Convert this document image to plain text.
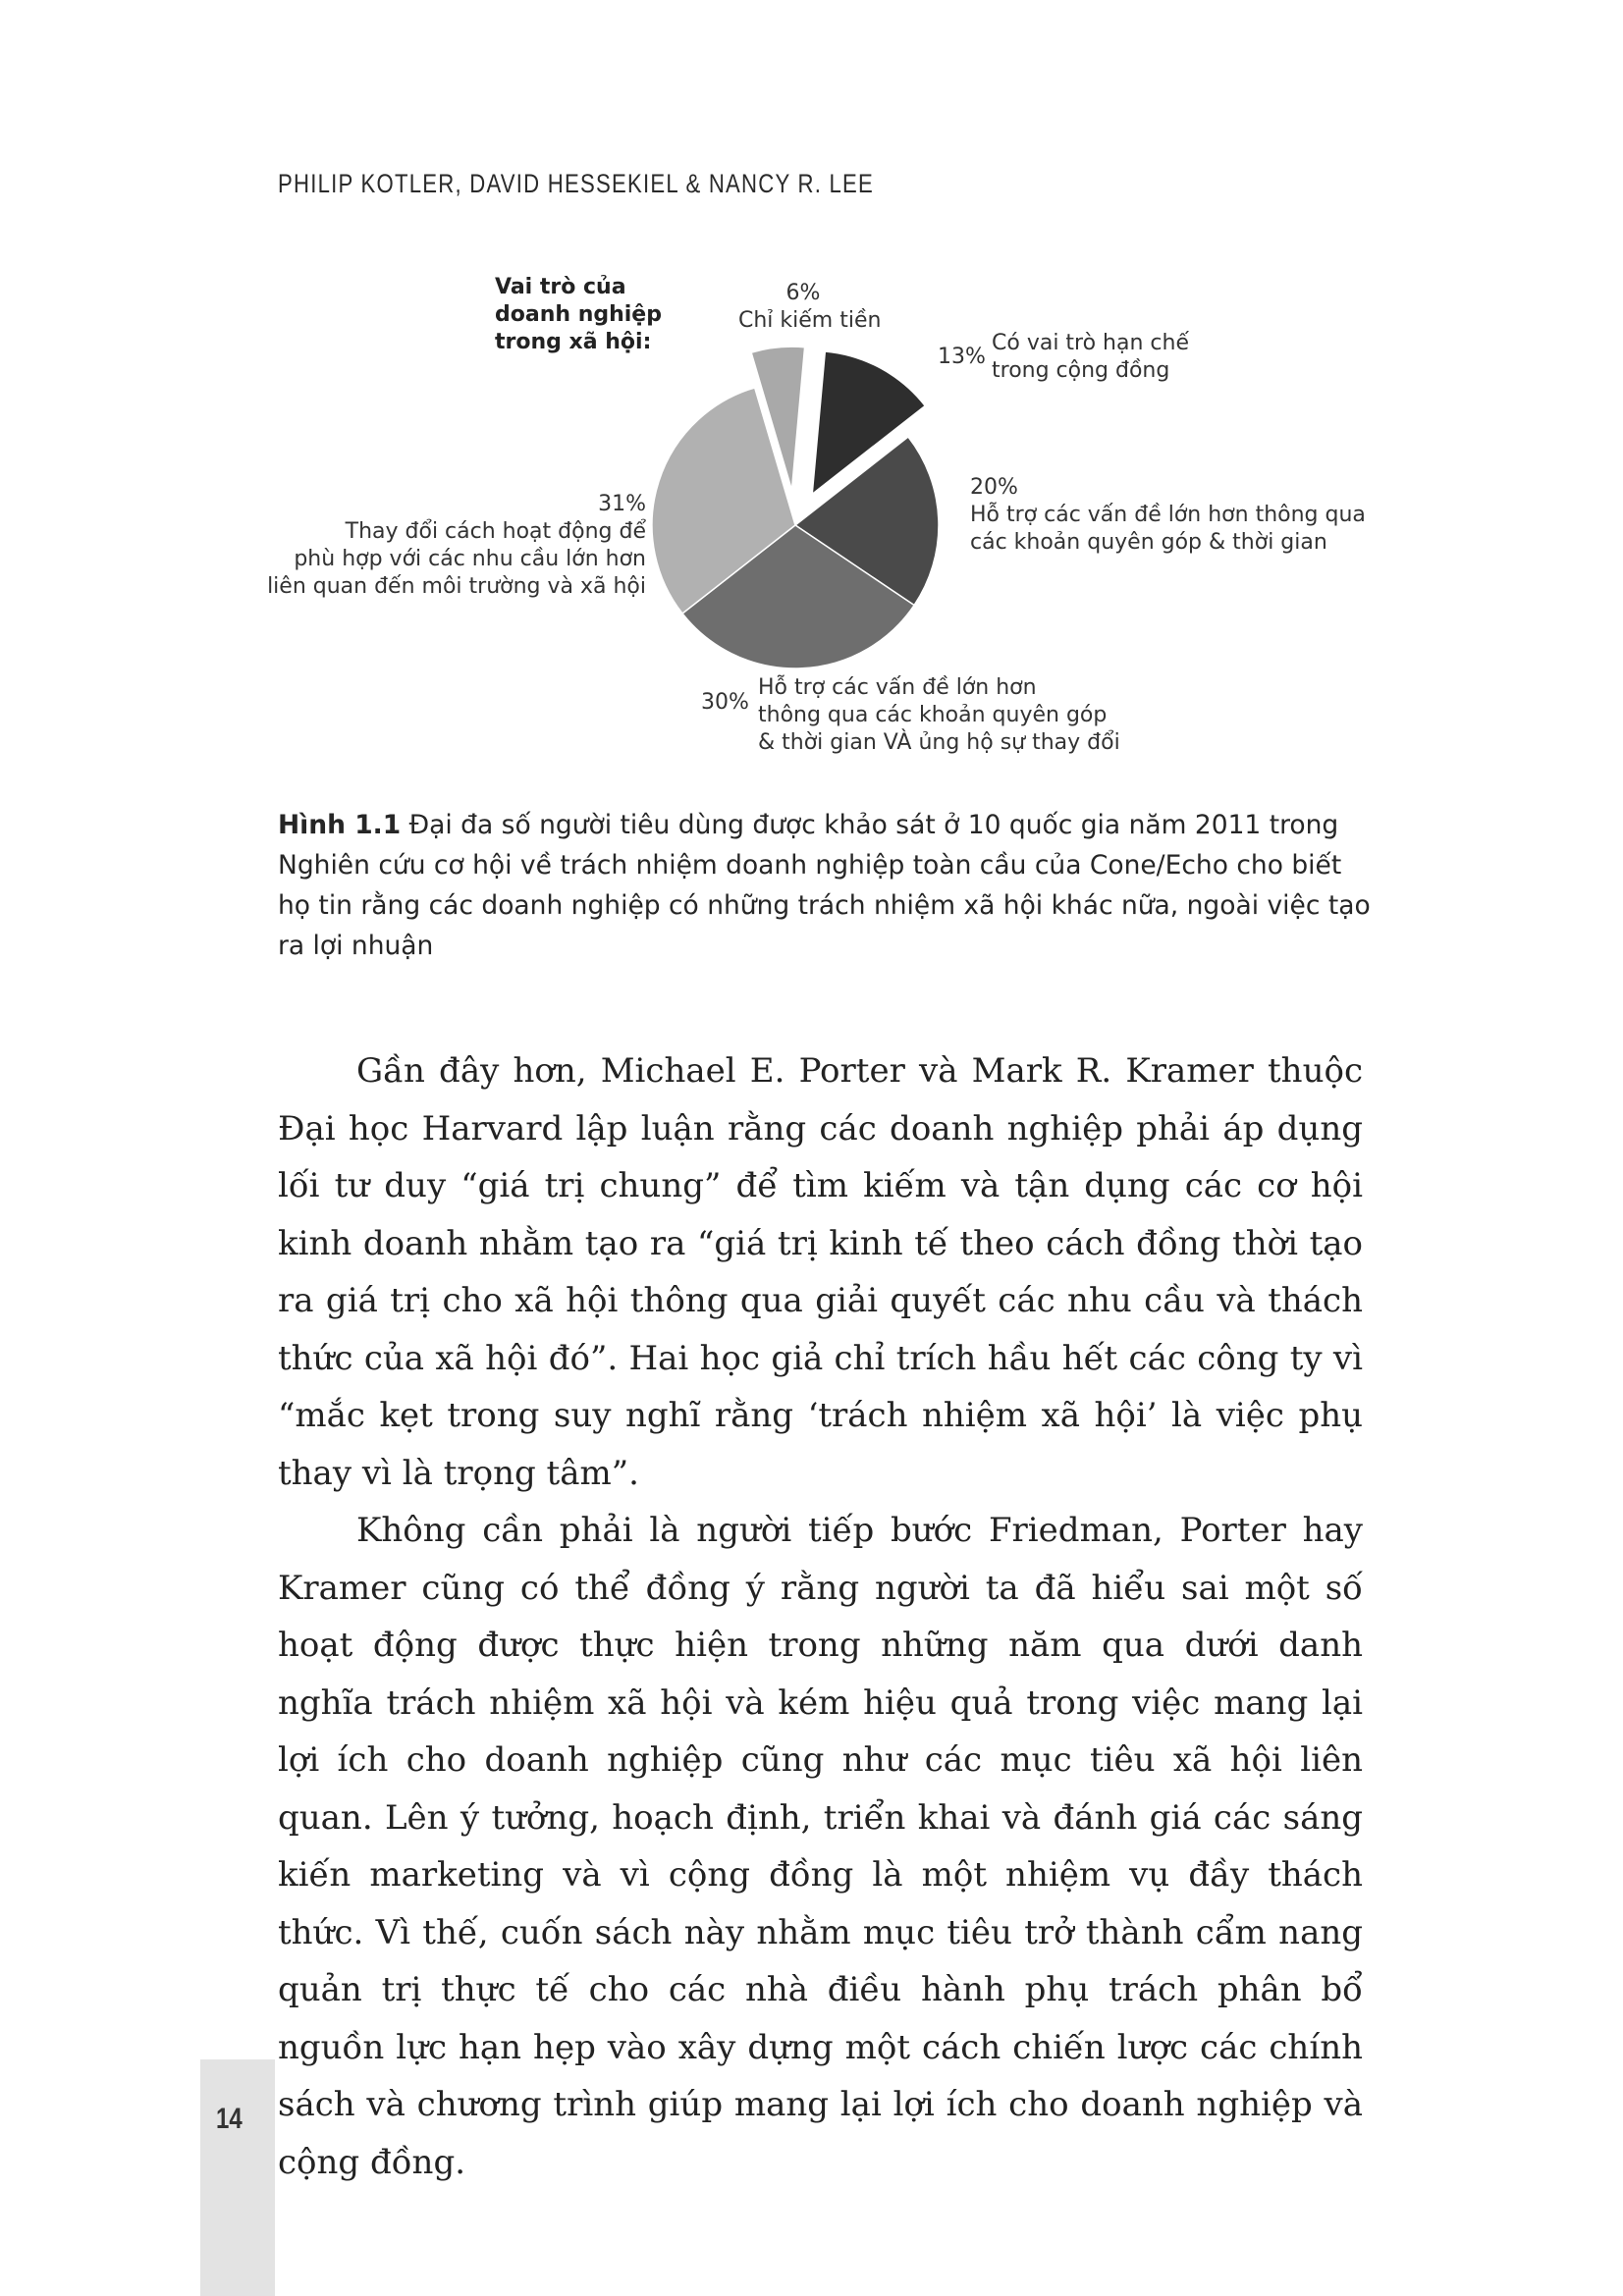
PHILIP KOTLER, DAVID HESSEKIEL & NANCY R. LEE
Vai trò của
doanh nghiệp
trong xã hội:
6%
Chỉ kiếm tiền
13%
Có vai trò hạn chế
trong cộng đồng
20%
Hỗ trợ các vấn đề lớn hơn thông qua
các khoản quyên góp & thời gian
31%
Thay đổi cách hoạt động để
phù hợp với các nhu cầu lớn hơn
liên quan đến môi trường và xã hội
30%
Hỗ trợ các vấn đề lớn hơn
thông qua các khoản quyên góp
& thời gian VÀ ủng hộ sự thay đổi
Hình 1.1 Đại đa số người tiêu dùng được khảo sát ở 10 quốc gia năm 2011 trong Nghiên cứu cơ hội về trách nhiệm doanh nghiệp toàn cầu của Cone/Echo cho biết họ tin rằng các doanh nghiệp có những trách nhiệm xã hội khác nữa, ngoài việc tạo ra lợi nhuận

Gần đây hơn, Michael E. Porter và Mark R. Kramer thuộc Đại học Harvard lập luận rằng các doanh nghiệp phải áp dụng lối tư duy “giá trị chung” để tìm kiếm và tận dụng các cơ hội kinh doanh nhằm tạo ra “giá trị kinh tế theo cách đồng thời tạo ra giá trị cho xã hội thông qua giải quyết các nhu cầu và thách thức của xã hội đó”. Hai học giả chỉ trích hầu hết các công ty vì “mắc kẹt trong suy nghĩ rằng ‘trách nhiệm xã hội’ là việc phụ thay vì là trọng tâm”.

Không cần phải là người tiếp bước Friedman, Porter hay Kramer cũng có thể đồng ý rằng người ta đã hiểu sai một số hoạt động được thực hiện trong những năm qua dưới danh nghĩa trách nhiệm xã hội và kém hiệu quả trong việc mang lại lợi ích cho doanh nghiệp cũng như các mục tiêu xã hội liên quan. Lên ý tưởng, hoạch định, triển khai và đánh giá các sáng kiến marketing và vì cộng đồng là một nhiệm vụ đầy thách thức. Vì thế, cuốn sách này nhằm mục tiêu trở thành cẩm nang quản trị thực tế cho các nhà điều hành phụ trách phân bổ nguồn lực hạn hẹp vào xây dựng một cách chiến lược các chính sách và chương trình giúp mang lại lợi ích cho doanh nghiệp và cộng đồng.

14
